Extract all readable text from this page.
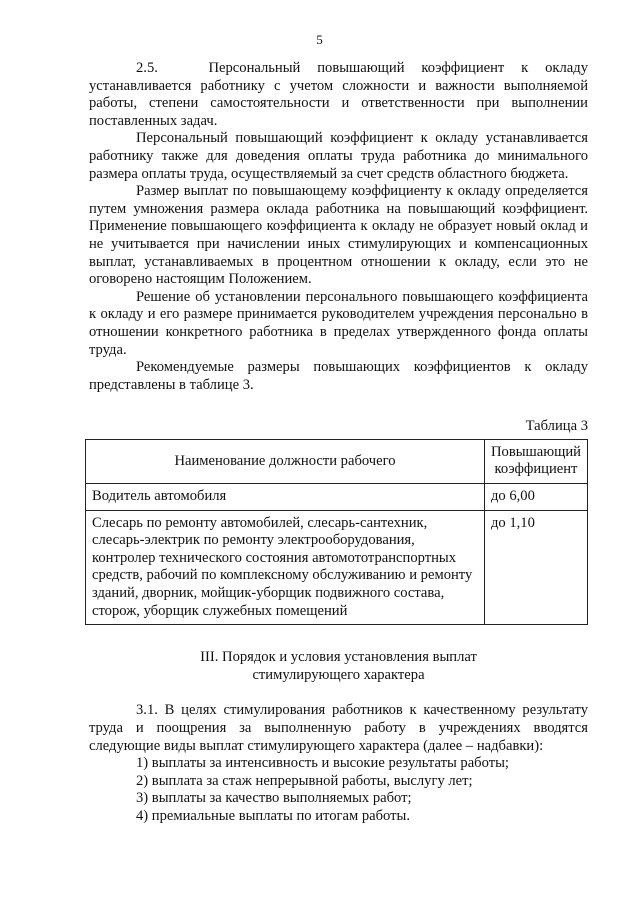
5

2.5.   Персональный повышающий коэффициент к окладу устанавливается работнику с учетом сложности и важности выполняемой работы, степени самостоятельности и ответственности при выполнении поставленных задач.

Персональный повышающий коэффициент к окладу устанавливается работнику также для доведения оплаты труда работника до минимального размера оплаты труда, осуществляемый за счет средств областного бюджета.

Размер выплат по повышающему коэффициенту к окладу определяется путем умножения размера оклада работника на повышающий коэффициент. Применение повышающего коэффициента к окладу не образует новый оклад и не учитывается при начислении иных стимулирующих и компенсационных выплат, устанавливаемых в процентном отношении к окладу, если это не оговорено настоящим Положением.

Решение об установлении персонального повышающего коэффициента к окладу и его размере принимается руководителем учреждения персонально в отношении конкретного работника в пределах утвержденного фонда оплаты труда.

Рекомендуемые размеры повышающих коэффициентов к окладу представлены в таблице 3.

Таблица 3
Наименование должности рабочего	Повышающий коэффициент
Водитель автомобиля	до 6,00
Слесарь по ремонту автомобилей, слесарь-сантехник, слесарь-электрик по ремонту электрооборудования, контролер технического состояния автомототранспортных средств, рабочий по комплексному обслуживанию и ремонту зданий, дворник, мойщик-уборщик подвижного состава, сторож, уборщик служебных помещений	до 1,10
III. Порядок и условия установления выплат
стимулирующего характера

3.1. В целях стимулирования работников к качественному результату труда и поощрения за выполненную работу в учреждениях вводятся следующие виды выплат стимулирующего характера (далее – надбавки):

1) выплаты за интенсивность и высокие результаты работы;

2) выплата за стаж непрерывной работы, выслугу лет;

3) выплаты за качество выполняемых работ;

4) премиальные выплаты по итогам работы.
